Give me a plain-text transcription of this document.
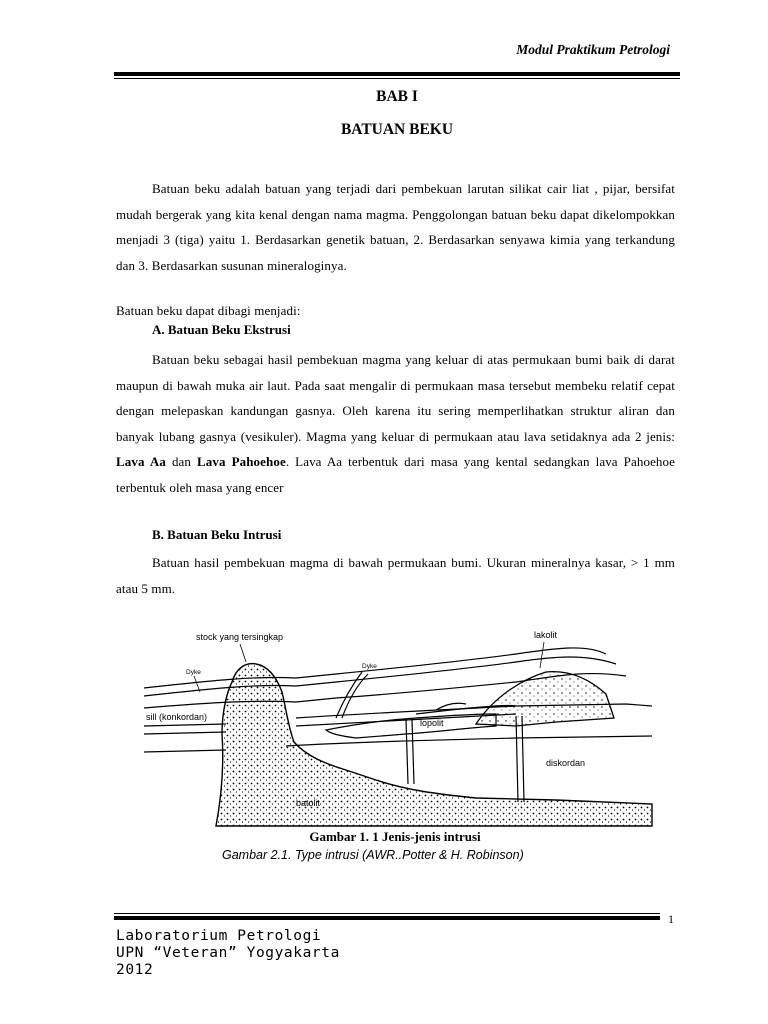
Modul Praktikum Petrologi
BAB I
BATUAN BEKU
Batuan beku adalah batuan yang terjadi dari pembekuan larutan silikat cair liat , pijar, bersifat mudah bergerak yang kita kenal dengan nama magma. Penggolongan batuan beku dapat dikelompokkan menjadi 3 (tiga) yaitu 1. Berdasarkan genetik batuan, 2. Berdasarkan senyawa kimia yang terkandung dan 3. Berdasarkan susunan mineraloginya.
Batuan beku dapat dibagi menjadi:
A. Batuan Beku Ekstrusi
Batuan beku sebagai hasil pembekuan magma yang keluar di atas permukaan bumi baik di darat maupun di bawah muka air laut. Pada saat mengalir di permukaan masa tersebut membeku relatif cepat dengan melepaskan kandungan gasnya. Oleh karena itu sering memperlihatkan struktur aliran dan banyak lubang gasnya (vesikuler). Magma yang keluar di permukaan atau lava setidaknya ada 2 jenis: Lava Aa dan Lava Pahoehoe. Lava Aa terbentuk dari masa yang kental sedangkan lava Pahoehoe terbentuk oleh masa yang encer
B. Batuan Beku Intrusi
Batuan hasil pembekuan magma di bawah permukaan bumi. Ukuran mineralnya kasar, > 1 mm atau 5 mm.
stock yang tersingkap	lakolit
Dyke
Dyke
sill (konkordan)
lopolit
diskordan
batolit
Gambar 1. 1 Jenis-jenis intrusi
Gambar 2.1. Type intrusi (AWR..Potter & H. Robinson)
1
Laboratorium Petrologi
UPN “Veteran” Yogyakarta
2012
